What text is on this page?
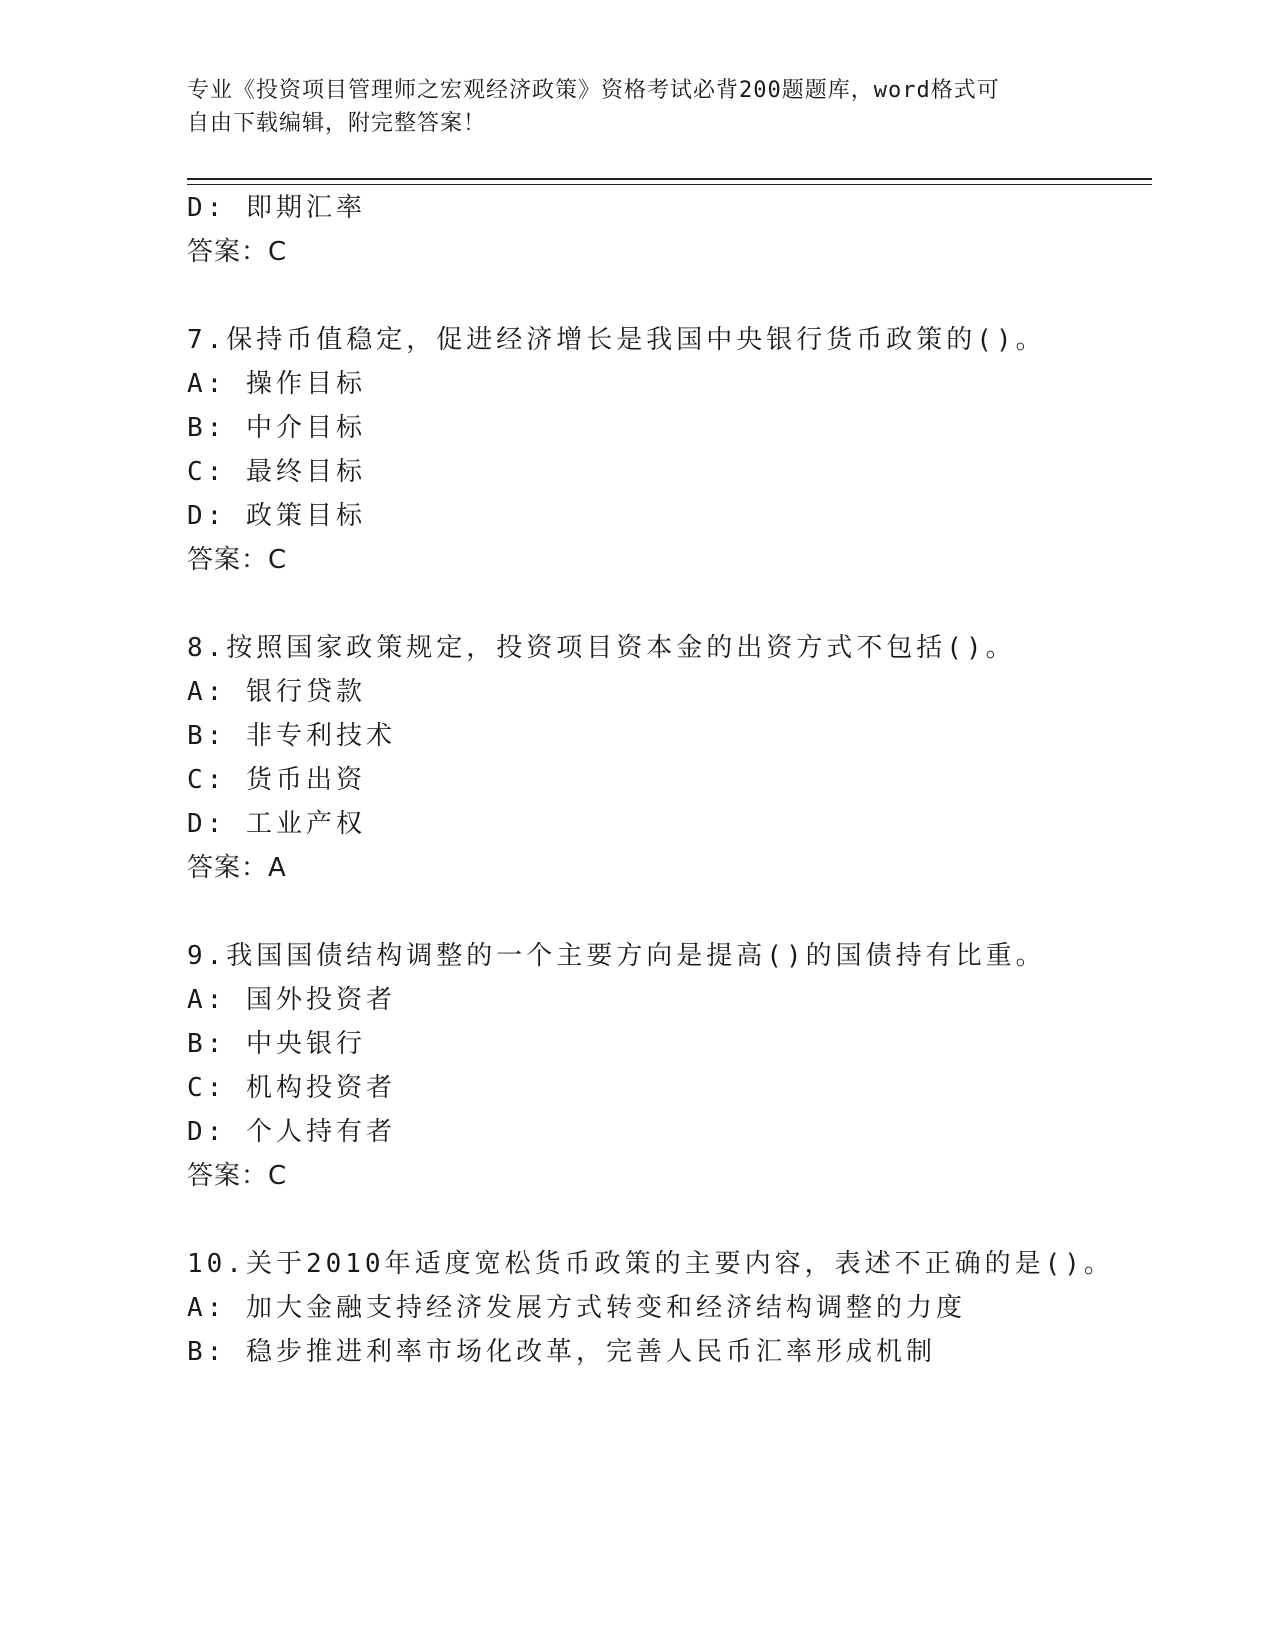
专业《投资项目管理师之宏观经济政策》资格考试必背200题题库，word格式可
自由下载编辑，附完整答案！
D: 即期汇率
答案：C
7.保持币值稳定，促进经济增长是我国中央银行货币政策的()。
A: 操作目标
B: 中介目标
C: 最终目标
D: 政策目标
答案：C
8.按照国家政策规定，投资项目资本金的出资方式不包括()。
A: 银行贷款
B: 非专利技术
C: 货币出资
D: 工业产权
答案：A
9.我国国债结构调整的一个主要方向是提高()的国债持有比重。
A: 国外投资者
B: 中央银行
C: 机构投资者
D: 个人持有者
答案：C
10.关于2010年适度宽松货币政策的主要内容，表述不正确的是()。
A: 加大金融支持经济发展方式转变和经济结构调整的力度
B: 稳步推进利率市场化改革，完善人民币汇率形成机制
